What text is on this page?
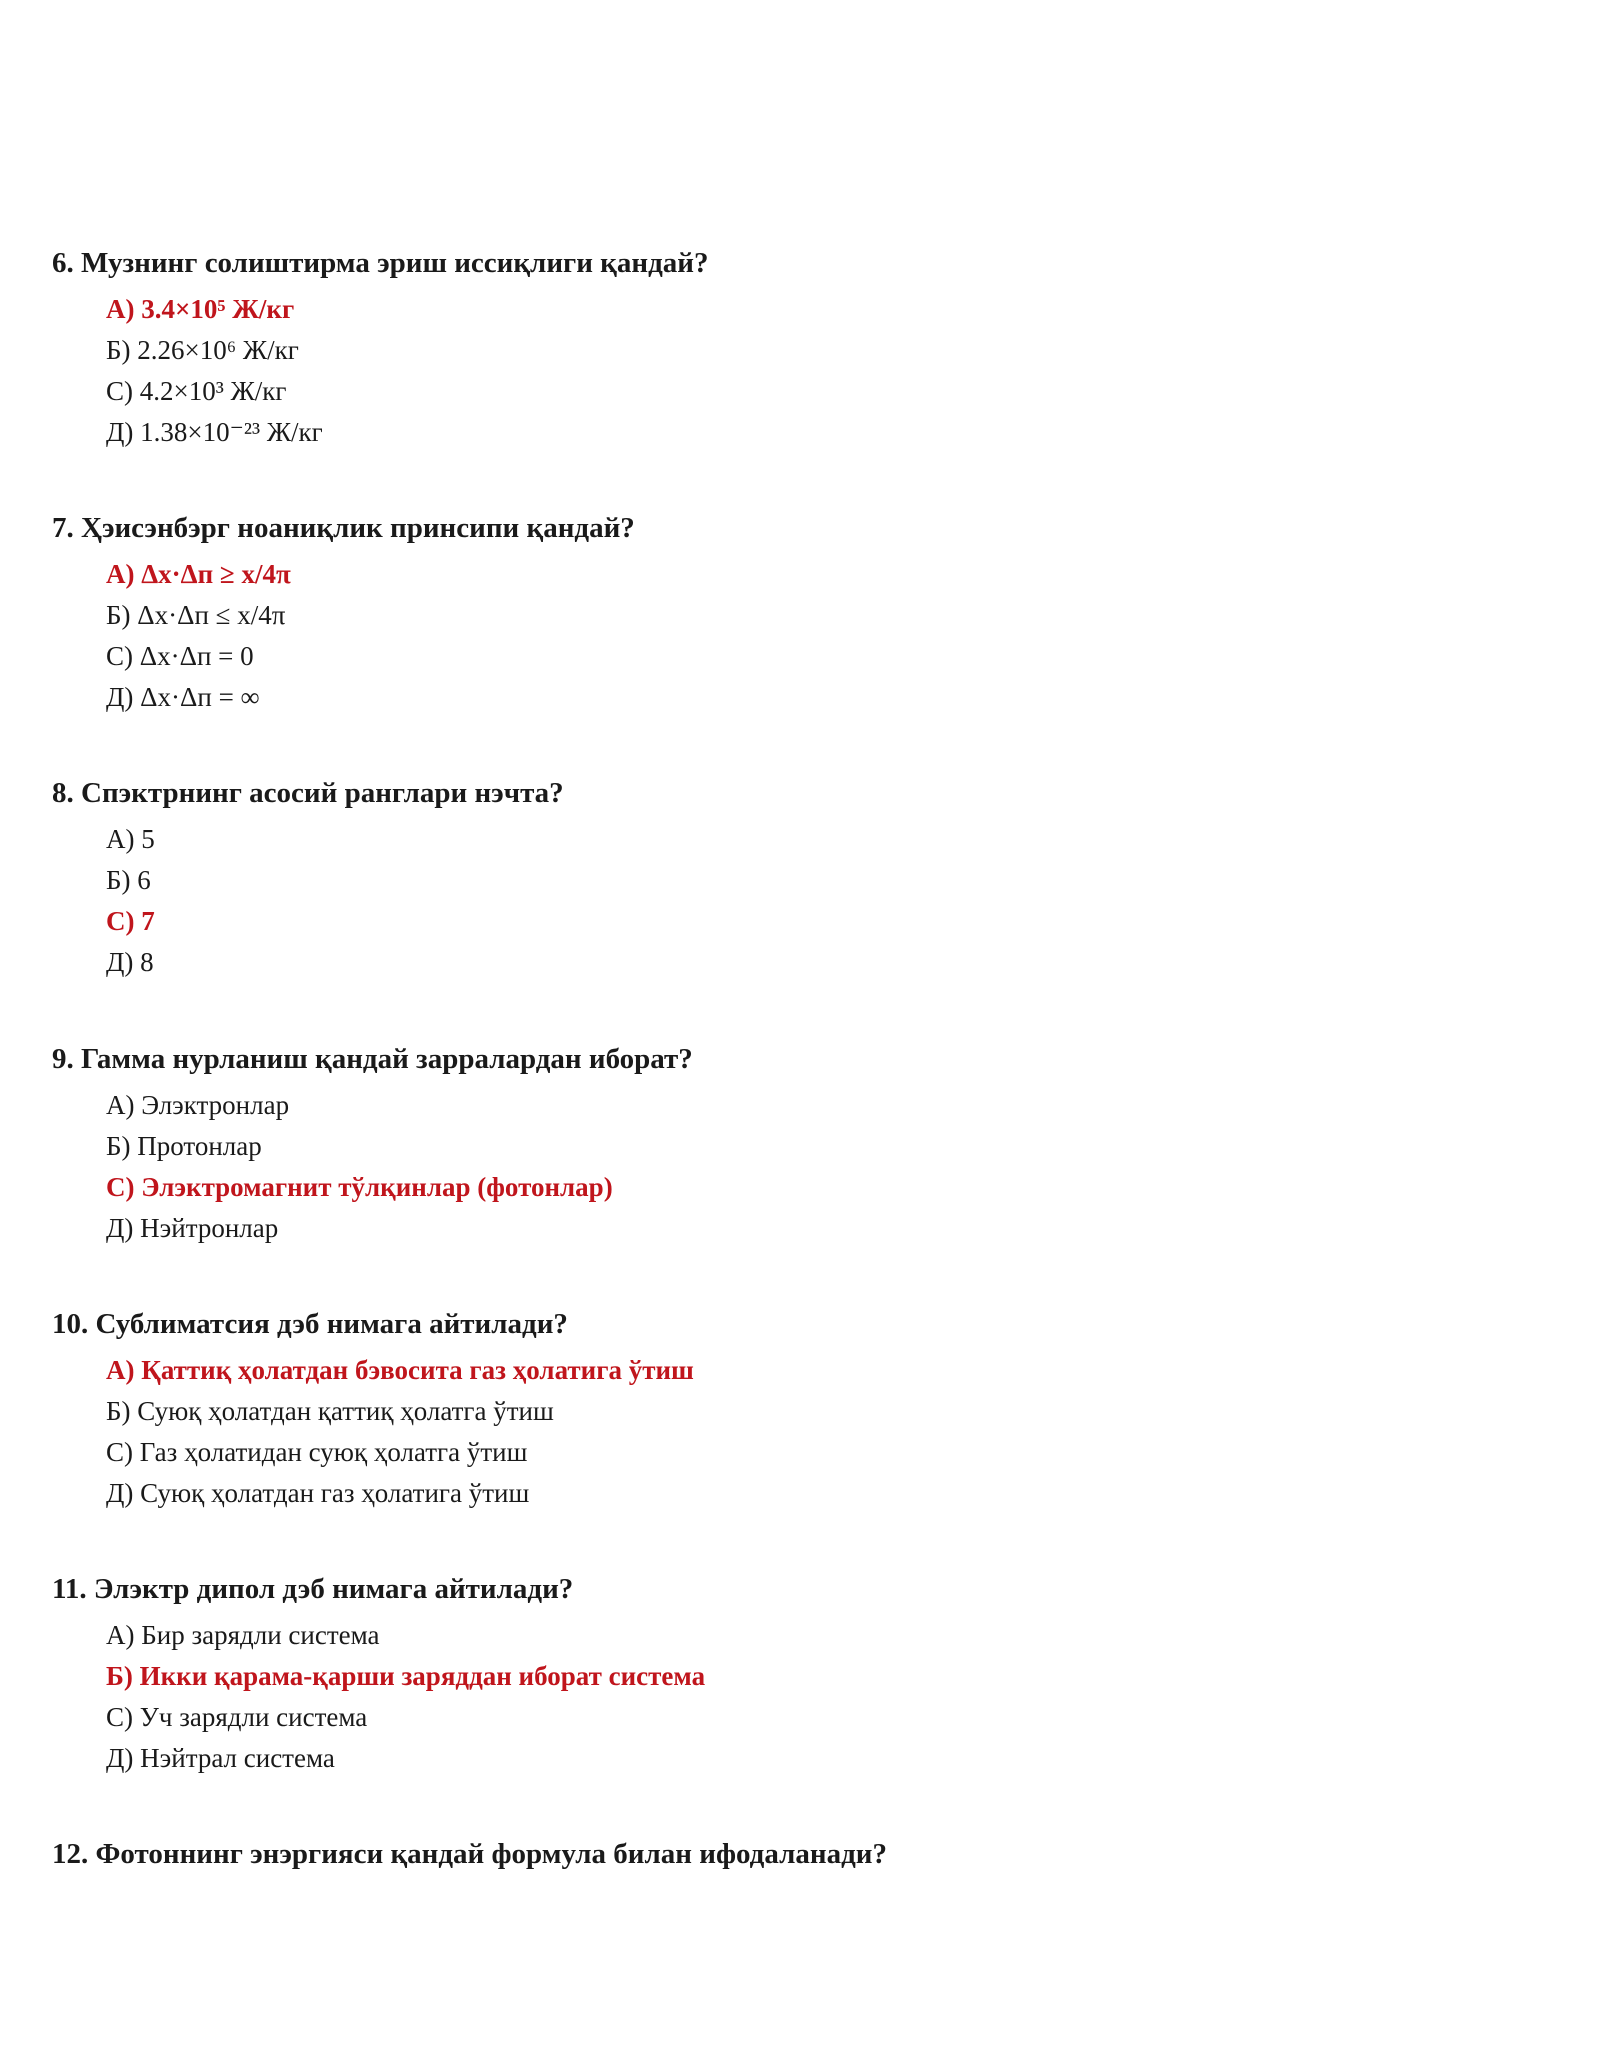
6. Музнинг солиштирма эриш иссиқлиги қандай?
А) 3.4×10⁵ Ж/кг
Б) 2.26×10⁶ Ж/кг
С) 4.2×10³ Ж/кг
Д) 1.38×10⁻²³ Ж/кг
7. Ҳэисэнбэрг ноаниқлик принсипи қандай?
А) Δх·Δп ≥ х/4π
Б) Δх·Δп ≤ х/4π
С) Δх·Δп = 0
Д) Δх·Δп = ∞
8. Спэктрнинг асосий ранглари нэчта?
А) 5
Б) 6
С) 7
Д) 8
9. Гамма нурланиш қандай зарралардан иборат?
А) Элэктронлар
Б) Протонлар
С) Элэктромагнит тўлқинлар (фотонлар)
Д) Нэйтронлар
10. Сублиматсия дэб нимага айтилади?
А) Қаттиқ ҳолатдан бэвосита газ ҳолатига ўтиш
Б) Суюқ ҳолатдан қаттиқ ҳолатга ўтиш
С) Газ ҳолатидан суюқ ҳолатга ўтиш
Д) Суюқ ҳолатдан газ ҳолатига ўтиш
11. Элэктр дипол дэб нимага айтилади?
А) Бир зарядли система
Б) Икки қарама-қарши заряддан иборат система
С) Уч зарядли система
Д) Нэйтрал система
12. Фотоннинг энэргияси қандай формула билан ифодаланади?
